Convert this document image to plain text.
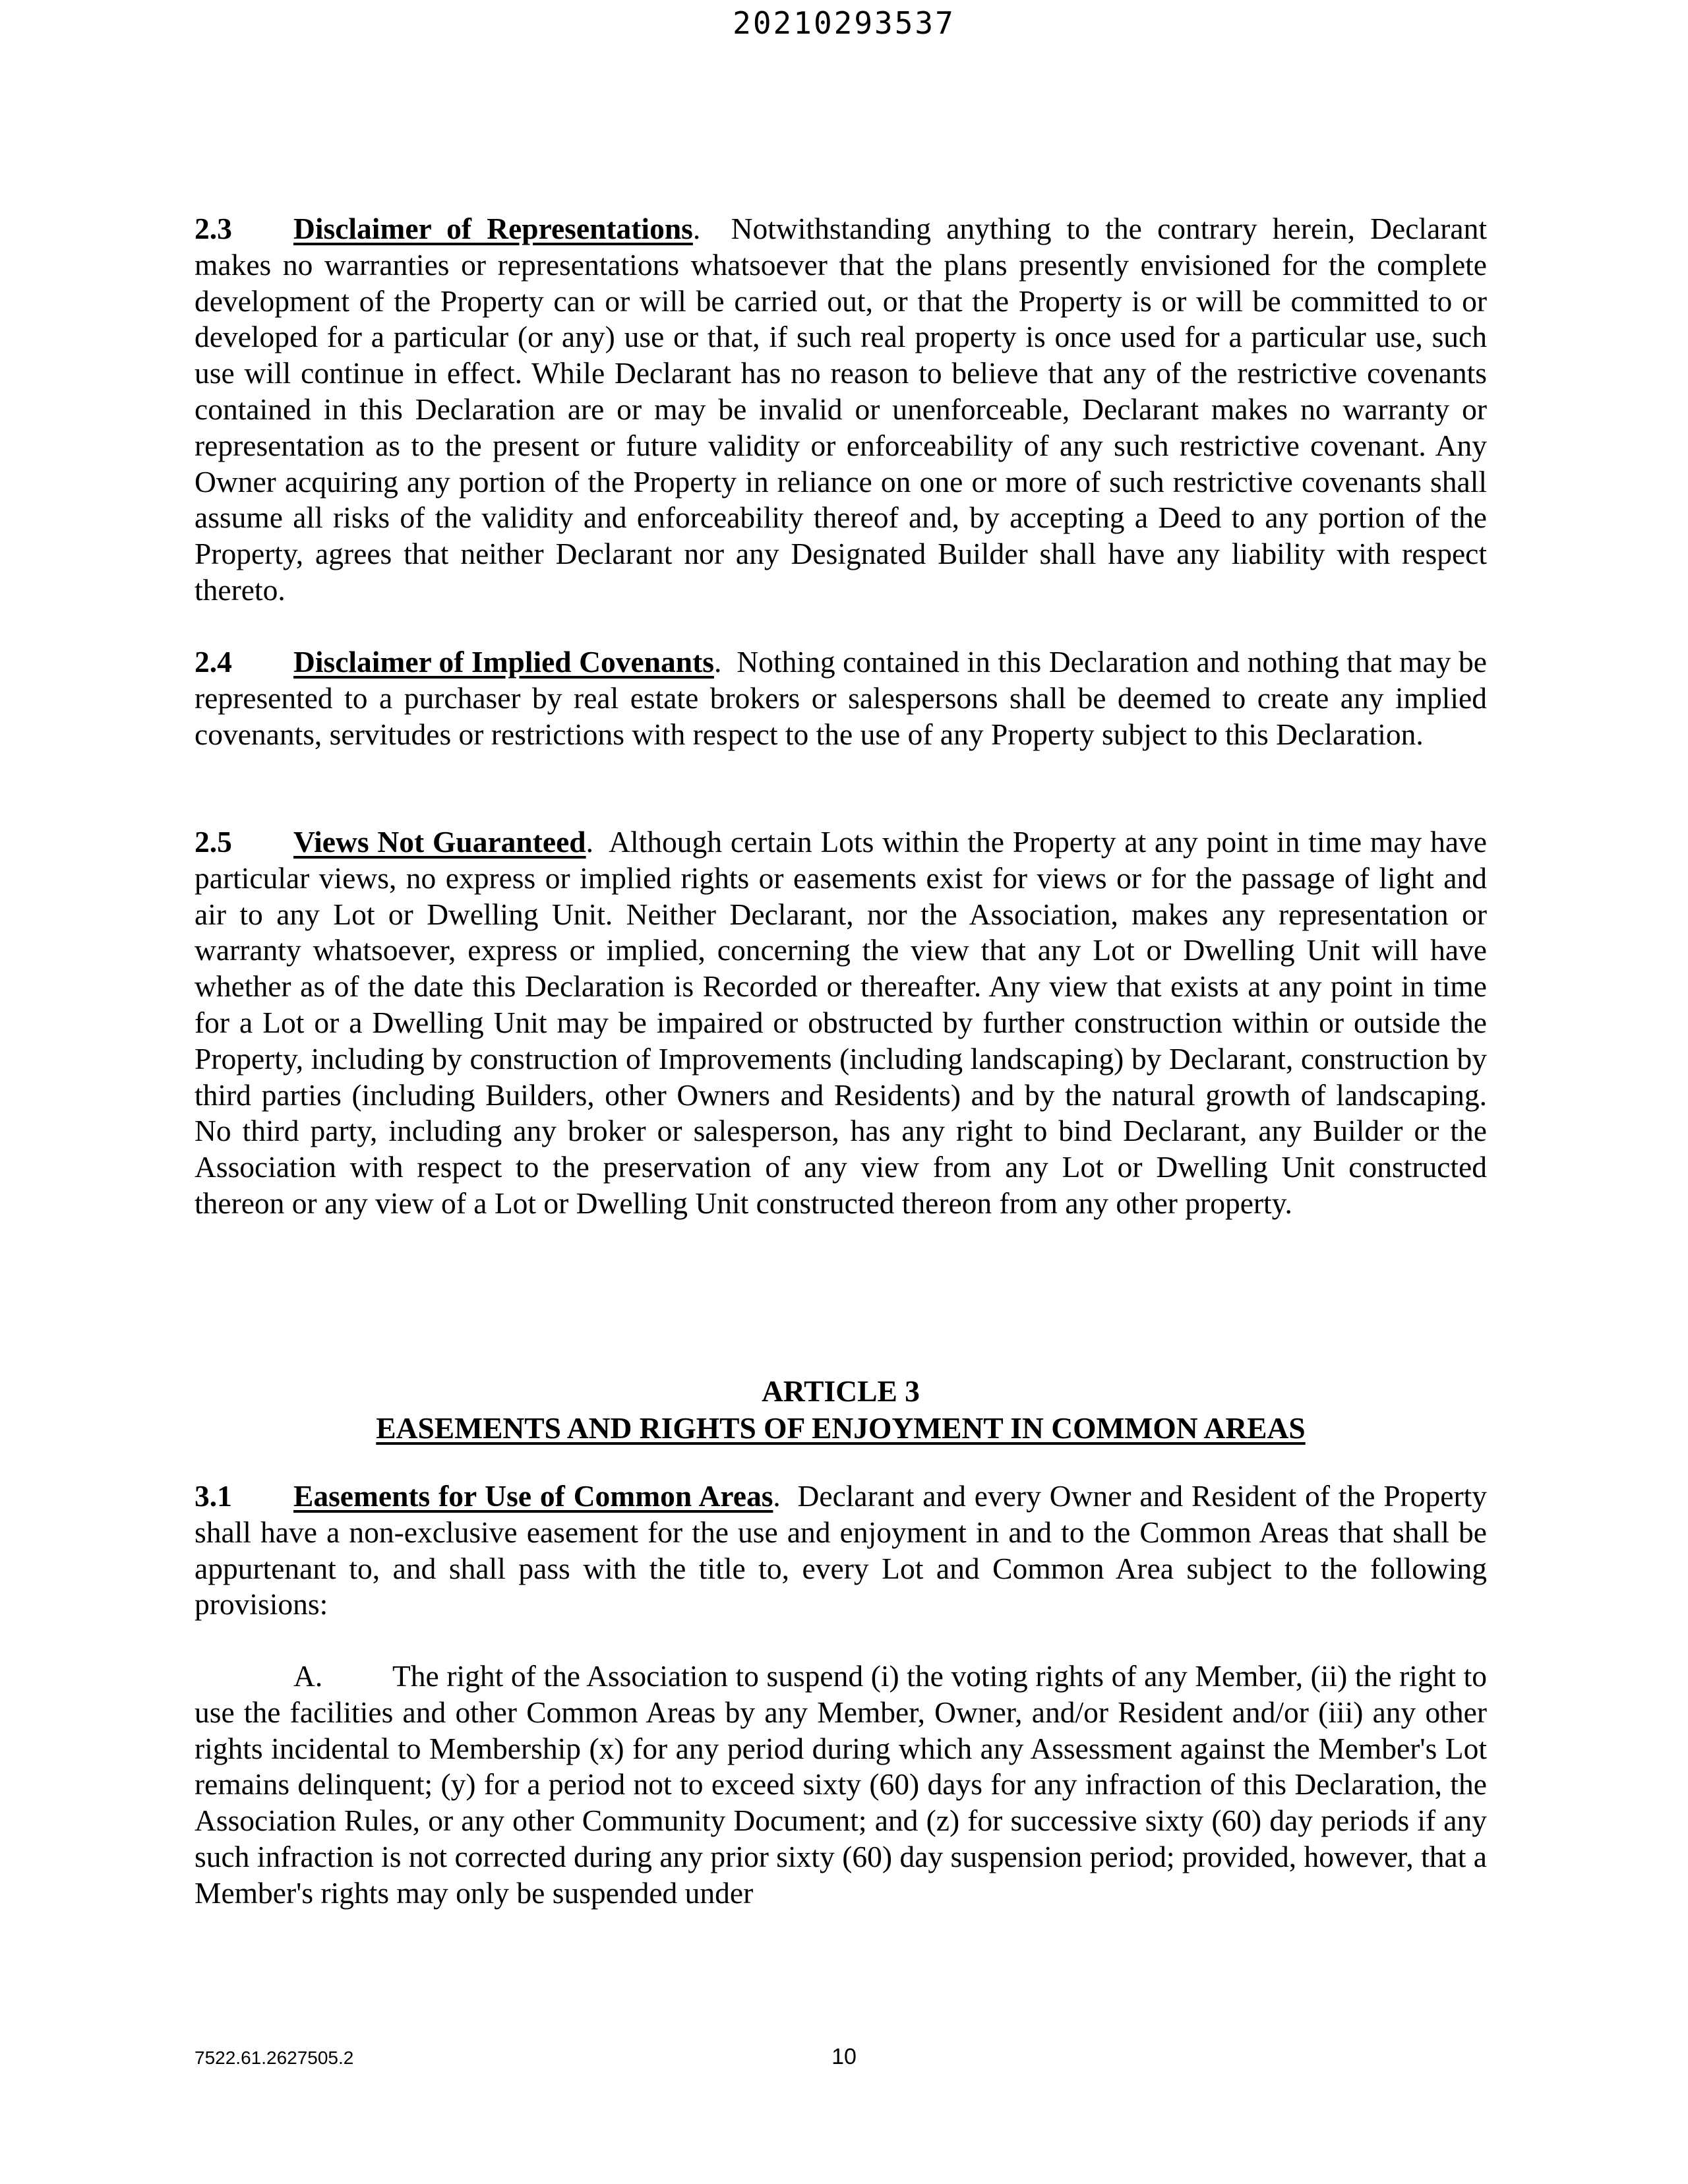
20210293537

2.3 Disclaimer of Representations. Notwithstanding anything to the contrary herein, Declarant makes no warranties or representations whatsoever that the plans presently envisioned for the complete development of the Property can or will be carried out, or that the Property is or will be committed to or developed for a particular (or any) use or that, if such real property is once used for a particular use, such use will continue in effect. While Declarant has no reason to believe that any of the restrictive covenants contained in this Declaration are or may be invalid or unenforceable, Declarant makes no warranty or representation as to the present or future validity or enforceability of any such restrictive covenant. Any Owner acquiring any portion of the Property in reliance on one or more of such restrictive covenants shall assume all risks of the validity and enforceability thereof and, by accepting a Deed to any portion of the Property, agrees that neither Declarant nor any Designated Builder shall have any liability with respect thereto.

2.4 Disclaimer of Implied Covenants. Nothing contained in this Declaration and nothing that may be represented to a purchaser by real estate brokers or salespersons shall be deemed to create any implied covenants, servitudes or restrictions with respect to the use of any Property subject to this Declaration.

2.5 Views Not Guaranteed. Although certain Lots within the Property at any point in time may have particular views, no express or implied rights or easements exist for views or for the passage of light and air to any Lot or Dwelling Unit. Neither Declarant, nor the Association, makes any representation or warranty whatsoever, express or implied, concerning the view that any Lot or Dwelling Unit will have whether as of the date this Declaration is Recorded or thereafter. Any view that exists at any point in time for a Lot or a Dwelling Unit may be impaired or obstructed by further construction within or outside the Property, including by construction of Improvements (including landscaping) by Declarant, construction by third parties (including Builders, other Owners and Residents) and by the natural growth of landscaping. No third party, including any broker or salesperson, has any right to bind Declarant, any Builder or the Association with respect to the preservation of any view from any Lot or Dwelling Unit constructed thereon or any view of a Lot or Dwelling Unit constructed thereon from any other property.

ARTICLE 3
EASEMENTS AND RIGHTS OF ENJOYMENT IN COMMON AREAS

3.1 Easements for Use of Common Areas. Declarant and every Owner and Resident of the Property shall have a non-exclusive easement for the use and enjoyment in and to the Common Areas that shall be appurtenant to, and shall pass with the title to, every Lot and Common Area subject to the following provisions:

A. The right of the Association to suspend (i) the voting rights of any Member, (ii) the right to use the facilities and other Common Areas by any Member, Owner, and/or Resident and/or (iii) any other rights incidental to Membership (x) for any period during which any Assessment against the Member's Lot remains delinquent; (y) for a period not to exceed sixty (60) days for any infraction of this Declaration, the Association Rules, or any other Community Document; and (z) for successive sixty (60) day periods if any such infraction is not corrected during any prior sixty (60) day suspension period; provided, however, that a Member's rights may only be suspended under

7522.61.2627505.2	10
